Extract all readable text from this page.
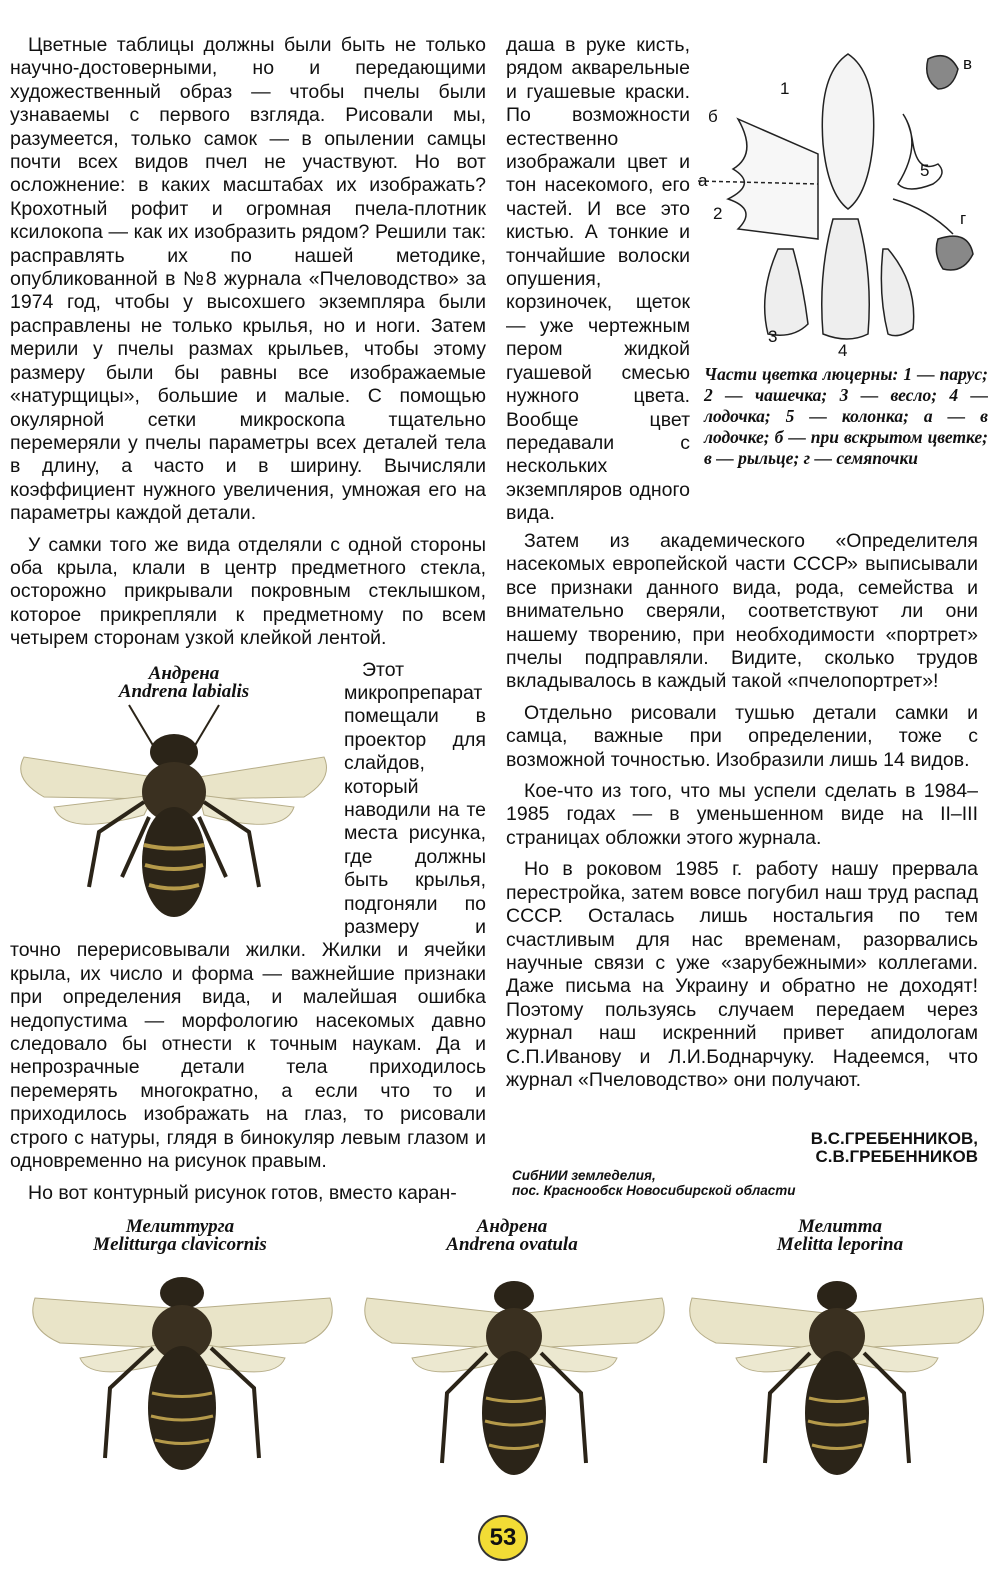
Цветные таблицы должны были быть не только научно-достоверными, но и передающими художественный образ — чтобы пчелы были узнаваемы с первого взгляда. Рисовали мы, разумеется, только самок — в опылении самцы почти всех видов пчел не участвуют. Но вот осложнение: в каких масштабах их изображать? Крохотный рофит и огромная пчела-плотник ксилокопа — как их изобразить рядом? Решили так: расправлять их по нашей методике, опубликованной в №8 журнала «Пчеловодство» за 1974 год, чтобы у высохшего экземпляра были расправлены не только крылья, но и ноги. Затем мерили у пчелы размах крыльев, чтобы этому размеру были бы равны все изображаемые «натурщицы», большие и малые. С помощью окулярной сетки микроскопа тщательно перемеряли у пчелы параметры всех деталей тела в длину, а часто и в ширину. Вычисляли коэффициент нужного увеличения, умножая его на параметры каждой детали.

У самки того же вида отделяли с одной стороны оба крыла, клали в центр предметного стекла, осторожно прикрывали покровным стеклышком, которое прикрепляли к предметному по всем четырем сторонам узкой клейкой лентой.

Андрена
Andrena labialis

Этот микропрепарат помещали в проектор для слайдов, который наводили на те места рисунка, где должны быть крылья, подгоняли по размеру и точно перерисовывали жилки. Жилки и ячейки крыла, их число и форма — важнейшие признаки при определения вида, и малейшая ошибка недопустима — морфологию насекомых давно следовало бы отнести к точным наукам. Да и непрозрачные детали тела приходилось перемерять многократно, а если что то и приходилось изображать на глаз, то рисовали строго с натуры, глядя в бинокуляр левым глазом и одновременно на рисунок правым.

Но вот контурный рисунок готов, вместо каран-

даша в руке кисть, рядом акварельные и гуашевые краски. По возможности естественно изображали цвет и тон насекомого, его частей. И все это кистью. А тонкие и тончайшие волоски опушения, корзиночек, щеток — уже чертежным пером жидкой гуашевой смесью нужного цвета. Вообще цвет передавали с нескольких экземпляров одного вида.

1
б
а
2
3
4
5
в
г
Части цветка люцерны: 1 — парус; 2 — чашечка; 3 — весло; 4 — лодочка; 5 — колонка; а — в лодочке; б — при вскрытом цветке; в — рыльце; г — семяпочки

Затем из академического «Определителя насекомых европейской части СССР» выписывали все признаки данного вида, рода, семейства и внимательно сверяли, соответствуют ли они нашему творению, при необходимости «портрет» пчелы подправляли. Видите, сколько трудов вкладывалось в каждый такой «пчелопортрет»!

Отдельно рисовали тушью детали самки и самца, важные при определении, тоже с возможной точностью. Изобразили лишь 14 видов.

Кое-что из того, что мы успели сделать в 1984–1985 годах — в уменьшенном виде на II–III страницах обложки этого журнала.

Но в роковом 1985 г. работу нашу прервала перестройка, затем вовсе погубил наш труд распад СССР. Осталась лишь ностальгия по тем счастливым для нас временам, разорвались научные связи с уже «зарубежными» коллегами. Даже письма на Украину и обратно не доходят! Поэтому пользуясь случаем передаем через журнал наш искренний привет апидологам С.П.Иванову и Л.И.Боднарчуку. Надеемся, что журнал «Пчеловодство» они получают.

В.С.ГРЕБЕННИКОВ,
С.В.ГРЕБЕННИКОВ
СибНИИ земледелия,
пос. Краснообск Новосибирской области
Мелиттурга
Melitturga clavicornis
Андрена
Andrena ovatula
Мелитта
Melitta leporina
53
